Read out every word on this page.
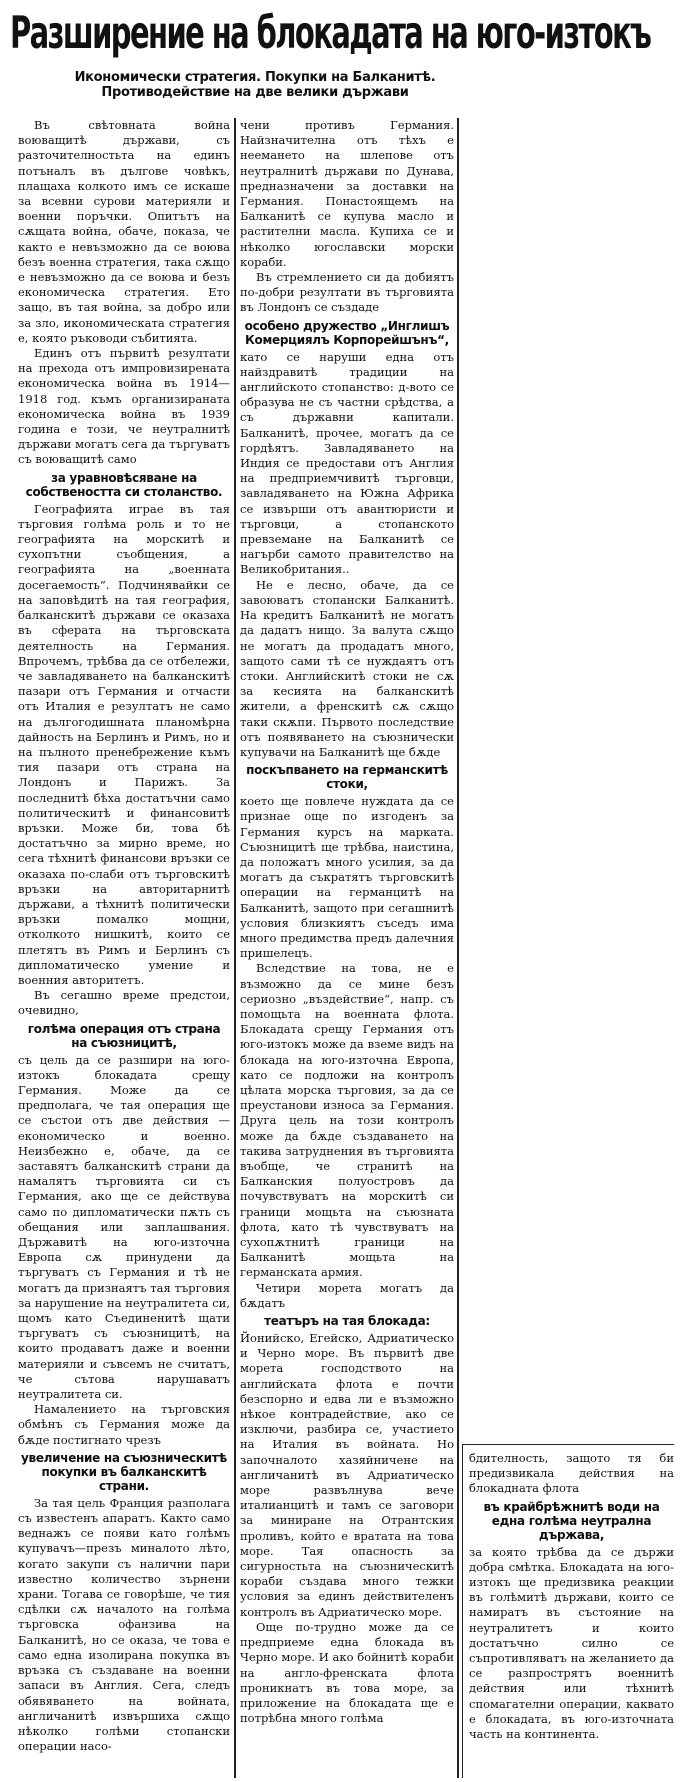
Разширение на блокадата на юго-изтокъ
Икономически стратегия. Покупки на Балканитѣ. Противодействие на две велики държави

Въ свѣтовната война воюващитѣ държави, съ разточителностьта на единъ потъналъ въ дългове човѣкъ, плащаха колкото имъ се искаше за всевни сурови материяли и военни поръчки. Опитътъ на сѫщата война, обаче, показа, че както е невъзможно да се воюва безъ военна стратегия, така сѫщо е невъзможно да се воюва и безъ економическа стратегия. Ето защо, въ тая война, за добро или за зло, икономическата стратегия е, която ръководи събитията.

Единъ отъ първитѣ резултати на прехода отъ импровизирената економическа война въ 1914—1918 год. къмъ организираната економическа война въ 1939 година е този, че неутралнитѣ държави могатъ сега да търгуватъ съ воюващитѣ само

за уравновѣсяване на собствеността си столанство.

Географията играе въ тая търговия голѣма роль и то не географията на морскитѣ и сухопътни съобщения, а географията на „военната досегаемость“. Подчинявайки се на заповѣдитѣ на тая география, балканскитѣ държави се оказаха въ сферата на търговската деятелность на Германия. Впрочемъ, трѣбва да се отбележи, че завладяването на балканскитѣ пазари отъ Германия и отчасти отъ Италия е резултатъ не само на дългогодишната планомѣрна дайность на Берлинъ и Римъ, но и на пълното пренебрежение къмъ тия пазари отъ страна на Лондонъ и Парижъ. За последнитѣ бѣха достатъчни само политическитѣ и финансовитѣ връзки. Може би, това бѣ достатъчно за мирно време, но сега тѣхнитѣ финансови връзки се оказаха по-слаби отъ търговскитѣ връзки на авторитарнитѣ държави, а тѣхнитѣ политически връзки помалко мощни, отколкото нишкитѣ, които се плетятъ въ Римъ и Берлинъ съ дипломатическо умение и военния авторитетъ.

Въ сегашно време предстои, очевидно,

голѣма операция отъ страна на съюзницитѣ,

съ цель да се разшири на юго-изтокъ блокадата срещу Германия. Може да се предполага, че тая операция ще се състои отъ две действия — економическо и военно. Неизбежно е, обаче, да се заставятъ балканскитѣ страни да намалятъ търговията си съ Германия, ако ще се действува само по дипломатически пѫть съ обещания или заплашвания. Държавитѣ на юго-източна Европа сѫ принудени да търгуватъ съ Германия и тѣ не могатъ да признаятъ тая търговия за нарушение на неутралитета си, щомъ като Съединенитѣ щати търгуватъ съ съюзницитѣ, на които продаватъ даже и военни материяли и съвсемъ не считатъ, че сътова нарушаватъ неутралитета си.

Намалението на търговския обмѣнъ съ Германия може да бѫде постигнато чрезъ

увеличение на съюзническитѣ покупки въ балканскитѣ страни.

За тая цель Франция разполага съ известенъ апаратъ. Както само веднажъ се появи като голѣмъ купувачъ—презъ миналото лѣто, когато закупи съ налични пари известно количество зърнени храни. Тогава се говорѣше, че тия сдѣлки сѫ началото на голѣма търговска офанзива на Балканитѣ, но се оказа, че това е само една изолирана покупка въ връзка съ създаване на военни запаси въ Англия. Сега, следъ обявяването на войната, англичанитѣ извършиха сѫщо нѣколко голѣми стопански операции насо-

чени противъ Германия. Найзначителна отъ тѣхъ е неемането на шлепове отъ неутралнитѣ държави по Дунава, предназначени за доставки на Германия. Понастоящемъ на Балканитѣ се купува масло и растителни масла. Купиха се и нѣколко югославски морски кораби.

Въ стремлението си да добиятъ по-добри резултати въ търговията въ Лондонъ се създаде

особено дружество „Инглишъ Комерциялъ Корпорейшънъ“,

като се наруши една отъ найздравитѣ традиции на английското стопанство: д-вото се образува не съ частни срѣдства, а съ държавни капитали. Балканитѣ, прочее, могатъ да се гордѣятъ. Завладяването на Индия се предостави отъ Англия на предприемчивитѣ търговци, завладяването на Южна Африка се извърши отъ авантюристи и търговци, а стопанското превземане на Балканитѣ се нагърби самото правителство на Великобритания..

Не е лесно, обаче, да се завоюватъ стопански Балканитѣ. На кредитъ Балканитѣ не могатъ да дадатъ нищо. За валута сѫщо не могатъ да продадатъ много, защото сами тѣ се нуждаятъ отъ стоки. Английскитѣ стоки не сѫ за кесията на балканскитѣ жители, а френскитѣ сѫ сѫщо таки скѫпи. Първото последствие отъ появяването на съюзнически купувачи на Балканитѣ ще бѫде

поскъпването на германскитѣ стоки,

което ще повлече нуждата да се признае още по изгоденъ за Германия курсъ на марката. Съюзницитѣ ще трѣбва, наистина, да положатъ много усилия, за да могатъ да съкратятъ търговскитѣ операции на германцитѣ на Балканитѣ, защото при сегашнитѣ условия близкиятъ съседъ има много предимства предъ далечния пришелецъ.

Вследствие на това, не е възможно да се мине безъ сериозно „въздействие“, напр. съ помощьта на военната флота. Блокадата срещу Германия отъ юго-изтокъ може да вземе видъ на блокада на юго-източна Европа, като се подложи на контролъ цѣлата морска търговия, за да се преустанови износа за Германия. Друга цель на този контролъ може да бѫде създаването на такива затруднения въ търговията въобще, че странитѣ на Балканския полуостровъ да почувствуватъ на морскитѣ си граници мощьта на съюзната флота, като тѣ чувствуватъ на сухопѫтнитѣ граници на Балканитѣ мощьта на германската армия.

Четири морета могатъ да бѫдатъ

театъръ на тая блокада:

Йонийско, Егейско, Адриатическо и Черно море. Въ първитѣ две морета господството на английската флота е почти безспорно и едва ли е възможно нѣкое контрадействие, ако се изключи, разбира се, участието на Италия въ войната. Но започналото хазяйничене на англичанитѣ въ Адриатическо море развълнува вече италианцитѣ и тамъ се заговори за миниране на Отрантския проливъ, който е вратата на това море. Тая опасность за сигурностьта на съюзническитѣ кораби създава много тежки условия за единъ действителенъ контролъ въ Адриатическо море.

Още по-трудно може да се предприеме една блокада въ Черно море. И ако бойнитѣ кораби на англо-френската флота проникнатъ въ това море, за приложение на блокадата ще е потрѣбна много голѣма

бдителность, защото тя би предизвикала действия на блокадната флота

въ крайбрѣжнитѣ води на една голѣма неутрална държава,

за която трѣбва да се държи добра смѣтка. Блокадата на юго-изтокъ ще предизвика реакции въ голѣмитѣ държави, които се намиратъ въ състояние на неутралитетъ и които достатъчно силно се съпротивляватъ на желанието да се разпрострятъ военнитѣ действия или тѣхнитѣ спомагателни операции, каквато е блокадата, въ юго-източната часть на континента.
